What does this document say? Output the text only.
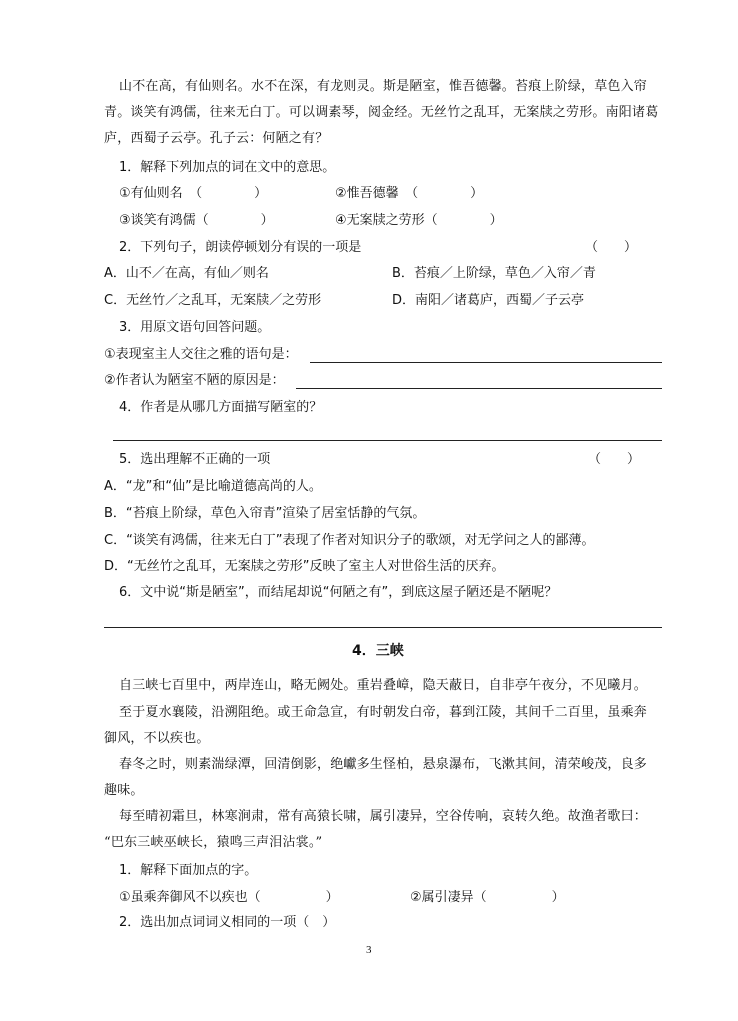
山不在高，有仙则名。水不在深，有龙则灵。斯是陋室，惟吾德馨。苔痕上阶绿，草色入帘
青。谈笑有鸿儒，往来无白丁。可以调素琴，阅金经。无丝竹之乱耳，无案牍之劳形。南阳诸葛
庐，西蜀子云亭。孔子云：何陋之有？
1．解释下列加点的词在文中的意思。
①有仙则名　（　　　　）	②惟吾德馨　（　　　　）
③谈笑有鸿儒（　　　　）	④无案牍之劳形（　　　　）
2．下列句子，朗读停顿划分有误的一项是	（　　）
A．山不／在高，有仙／则名	B．苔痕／上阶绿，草色／入帘／青
C．无丝竹／之乱耳，无案牍／之劳形	D．南阳／诸葛庐，西蜀／子云亭
3．用原文语句回答问题。
①表现室主人交往之雅的语句是：
②作者认为陋室不陋的原因是：
4．作者是从哪几方面描写陋室的？
5．选出理解不正确的一项	（　　）
A．“龙”和“仙”是比喻道德高尚的人。
B．“苔痕上阶绿，草色入帘青”渲染了居室恬静的气氛。
C．“谈笑有鸿儒，往来无白丁”表现了作者对知识分子的歌颂，对无学问之人的鄙薄。
D．“无丝竹之乱耳，无案牍之劳形”反映了室主人对世俗生活的厌弃。
6．文中说“斯是陋室”，而结尾却说“何陋之有”，到底这屋子陋还是不陋呢？
4．三峡
自三峡七百里中，两岸连山，略无阙处。重岩叠嶂，隐天蔽日，自非亭午夜分，不见曦月。
至于夏水襄陵，沿溯阻绝。或王命急宣，有时朝发白帝，暮到江陵，其间千二百里，虽乘奔
御风，不以疾也。
春冬之时，则素湍绿潭，回清倒影，绝巘多生怪柏，悬泉瀑布，飞漱其间，清荣峻茂，良多
趣味。
每至晴初霜旦，林寒涧肃，常有高猿长啸，属引凄异，空谷传响，哀转久绝。故渔者歌曰：
“巴东三峡巫峡长，猿鸣三声泪沾裳。”
1．解释下面加点的字。
①虽乘奔御风不以疾也（　　　　　）	②属引凄异（　　　　　）
2．选出加点词词义相同的一项（　）
3
